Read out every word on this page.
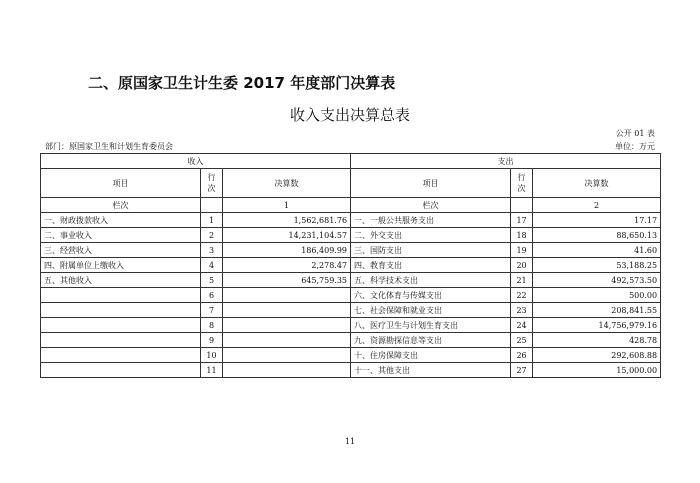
二、原国家卫生计生委 2017 年度部门决算表
收入支出决算总表
公开 01 表
部门：原国家卫生和计划生育委员会	单位：万元
收入			支出		
项目	行次	决算数	项目	行次	决算数
栏次		1	栏次		2
一、财政拨款收入	1	1,562,681.76	一、一般公共服务支出	17	17.17
二、事业收入	2	14,231,104.57	二、外交支出	18	88,650.13
三、经营收入	3	186,409.99	三、国防支出	19	41.60
四、附属单位上缴收入	4	2,278.47	四、教育支出	20	53,188.25
五、其他收入	5	645,759.35	五、科学技术支出	21	492,573.50
	6		六、文化体育与传媒支出	22	500.00
	7		七、社会保障和就业支出	23	208,841.55
	8		八、医疗卫生与计划生育支出	24	14,756,979.16
	9		九、资源勘探信息等支出	25	428.78
	10		十、住房保障支出	26	292,608.88
	11		十一、其他支出	27	15,000.00
11
